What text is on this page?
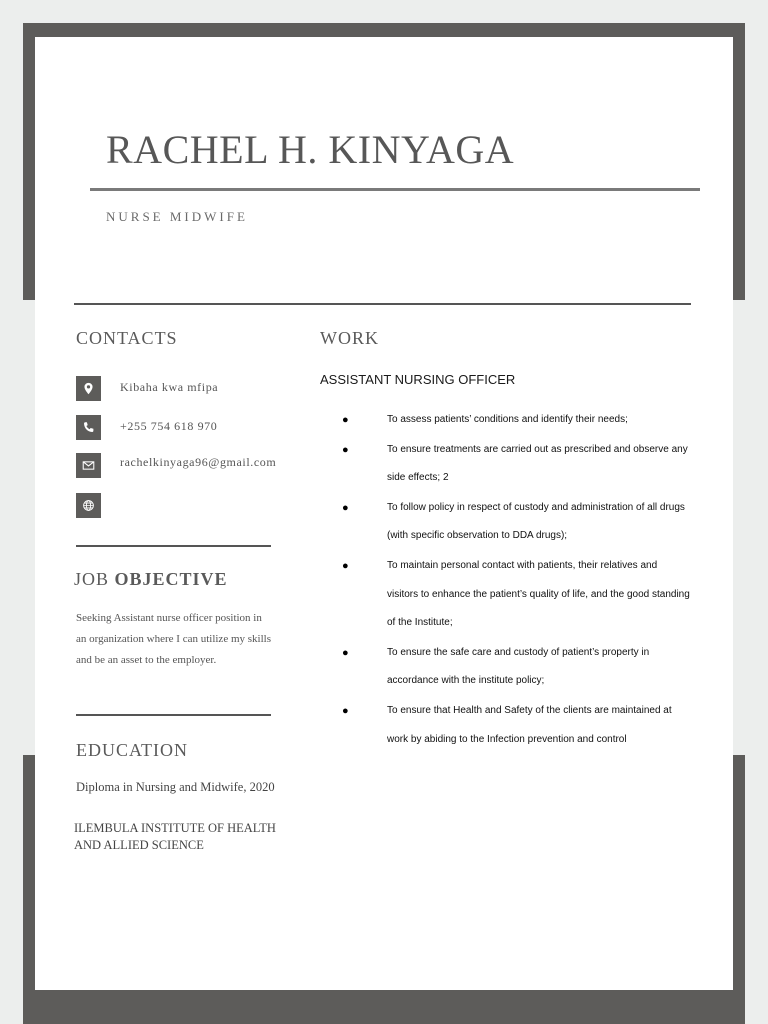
RACHEL H. KINYAGA
NURSE MIDWIFE
CONTACTS
Kibaha kwa mfipa
+255 754 618 970
rachelkinyaga96@gmail.com
JOB OBJECTIVE
Seeking Assistant nurse officer position in an organization where I can utilize my skills and be an asset to the employer.
EDUCATION
Diploma in Nursing and Midwife, 2020
ILEMBULA INSTITUTE OF HEALTH AND ALLIED SCIENCE
WORK
ASSISTANT NURSING OFFICER
●	To assess patients’ conditions and identify their needs;
●	To ensure treatments are carried out as prescribed and observe any side effects; 2
●	To follow policy in respect of custody and administration of all drugs (with specific observation to DDA drugs);
●	To maintain personal contact with patients, their relatives and visitors to enhance the patient’s quality of life, and the good standing of the Institute;
●	To ensure the safe care and custody of patient’s property in accordance with the institute policy;
●	To ensure that Health and Safety of the clients are maintained at work by abiding to the Infection prevention and control
